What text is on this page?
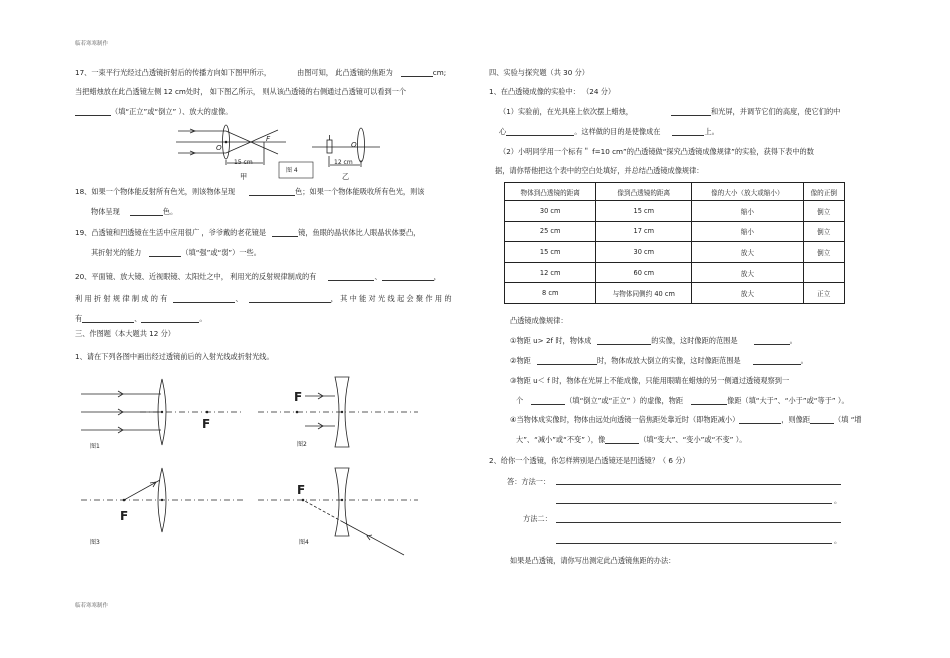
临若寒寒制作
临若寒寒制作
17、一束平行光经过凸透镜折射后的传播方向如下图甲所示，	由图可知， 此凸透镜的焦距为	cm;
当把蜡烛放在此凸透镜左侧 12 cm处时， 如下图乙所示， 则从该凸透镜的右侧通过凸透镜可以看到一个
（填“正立”或“倒立” ）、放大的虚像。
O
F
15 cm
图 4
甲
O
12 cm
乙
18、如果一个物体能反射所有色光，则该物体呈现	色；如果一个物体能吸收所有色光，则该
物体呈现	色。
19、凸透镜和凹透镜在生活中应用很广 ，爷爷戴的老花镜是	镜，鱼眼的晶状体比人眼晶状体要凸，
其折射光的能力	（填“强”或“弱”）一些。
20、平面镜、放大镜、近视眼镜、太阳灶之中， 利用光的反射规律制成的有	、	，
利 用 折 射 规 律 制 成 的 有	、	， 其 中 能 对 光 线 起 会 聚 作 用 的
有	、	。
三、作图题（本大题共 12 分）
1、请在下列各图中画出经过透镜前后的入射光线或折射光线。
F
图1
F
图2
F
图3
F
图4
四、实验与探究题（共 30 分）
1、在凸透镜成像的实验中： （24 分）
（1）实验前，在光具座上依次摆上蜡烛，	和光屏，并调节它们的高度，使它们的中
心	。这样做的目的是使像成在	上。
（2）小明同学用一个标有＂ f=10 cm”的凸透镜做“探究凸透镜成像规律”的实验，获得下表中的数
据，请你帮他把这个表中的空白处填好，并总结凸透镜成像规律：
物体到凸透镜的距离	像到凸透镜的距离	像的大小（放大或缩小）	像的正倒
30 cm	15 cm	缩小	倒立
25 cm	17 cm	缩小	倒立
15 cm	30 cm	放大	倒立
12 cm	60 cm	放大	
8 cm	与物体同侧约 40 cm	放大	正立
凸透镜成像规律：
①物距 u> 2f 时，物体成	的实像，这时像距的范围是	。
②物距	时，物体成放大倒立的实像，这时像距范围是	。
③物距 u＜ f 时，物体在光屏上不能成像，只能用眼睛在蜡烛的另一侧通过透镜观察到一
个	（填“倒立”或“正立” ）的虚像，物距	像距（填“大于”、“小于”或“等于” ）。
④当物体成实像时，物体由远处向透镜一倍焦距处靠近时（即物距减小）	，则像距	（填 “增
大”、“减小”或“不变” ），像	（填“变大”、“变小”或“不变” ）。
2、给你一个透镜，你怎样辨别是凸透镜还是凹透镜？（ 6 分）
答：方法一：
。
方法二：
。
如果是凸透镜，请你写出测定此凸透镜焦距的办法：
